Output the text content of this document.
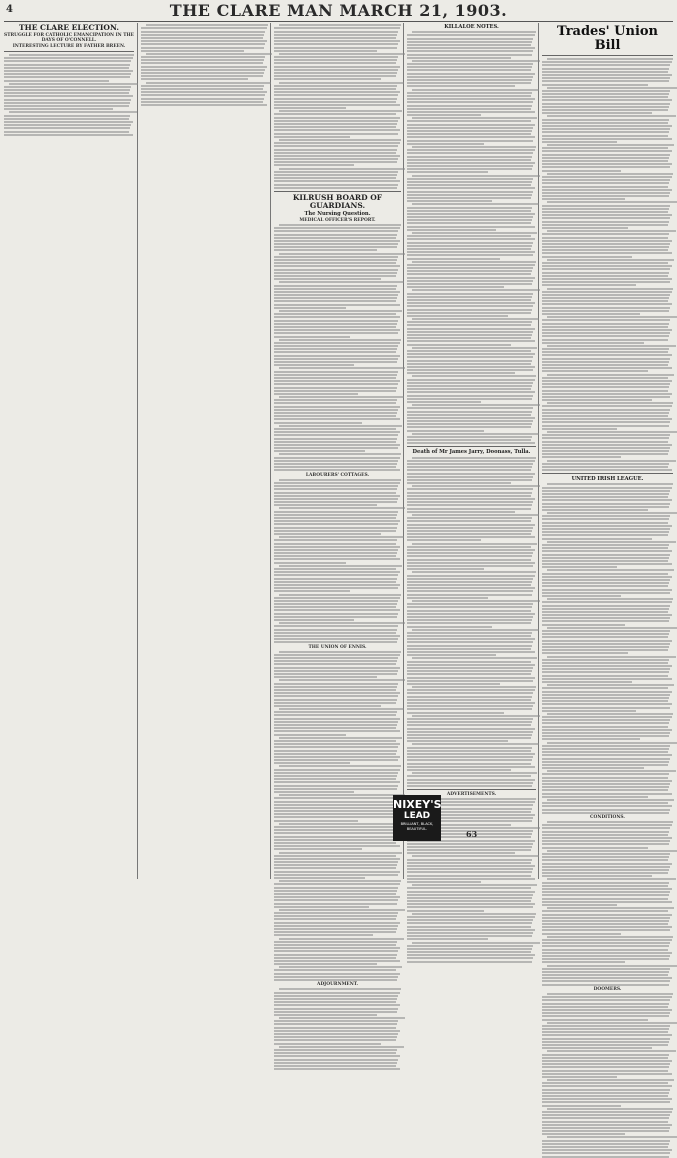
4	THE CLARE MAN MARCH 21, 1903.
THE CLARE ELECTION.
STRUGGLE FOR CATHOLIC EMANCIPATION IN THE DAYS OF O'CONNELL.
INTERESTING LECTURE BY FATHER BREEN.
KILRUSH BOARD OF GUARDIANS.
The Nursing Question.
MEDICAL OFFICER'S REPORT.
LABOURERS' COTTAGES.
THE UNION OF ENNIS.
ADJOURNMENT.
KILLALOE NOTES.
Death of Mr James Jarry, Doonass, Tulla.
ADVERTISEMENTS.
NIXEY'S
LEAD
BRILLIANT, BLACK, BEAUTIFUL.	63
Trades' Union Bill
UNITED IRISH LEAGUE.
CONDITIONS.
DOOMERS.
